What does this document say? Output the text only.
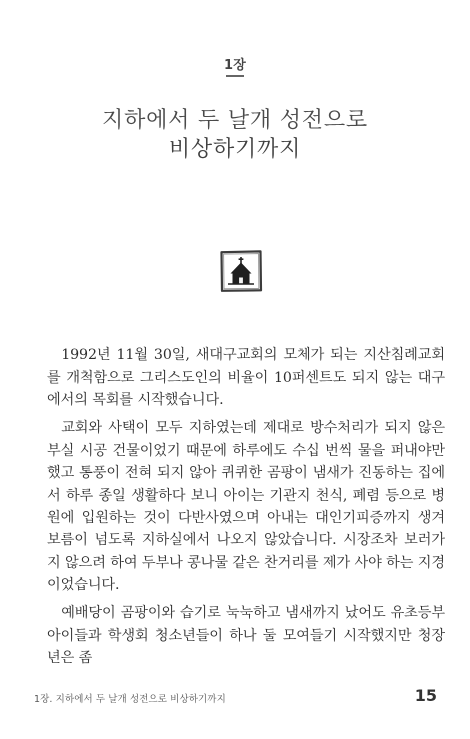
1장
지하에서 두 날개 성전으로
비상하기까지

1992년 11월 30일, 새대구교회의 모체가 되는 지산침례교회를 개척함으로 그리스도인의 비율이 10퍼센트도 되지 않는 대구에서의 목회를 시작했습니다.

교회와 사택이 모두 지하였는데 제대로 방수처리가 되지 않은 부실 시공 건물이었기 때문에 하루에도 수십 번씩 물을 퍼내야만 했고 통풍이 전혀 되지 않아 퀴퀴한 곰팡이 냄새가 진동하는 집에서 하루 종일 생활하다 보니 아이는 기관지 천식, 폐렴 등으로 병원에 입원하는 것이 다반사였으며 아내는 대인기피증까지 생겨 보름이 넘도록 지하실에서 나오지 않았습니다. 시장조차 보러가지 않으려 하여 두부나 콩나물 같은 찬거리를 제가 사야 하는 지경이었습니다.

예배당이 곰팡이와 습기로 눅눅하고 냄새까지 났어도 유초등부 아이들과 학생회 청소년들이 하나 둘 모여들기 시작했지만 청장년은 좀

1장. 지하에서 두 날개 성전으로 비상하기까지	15
